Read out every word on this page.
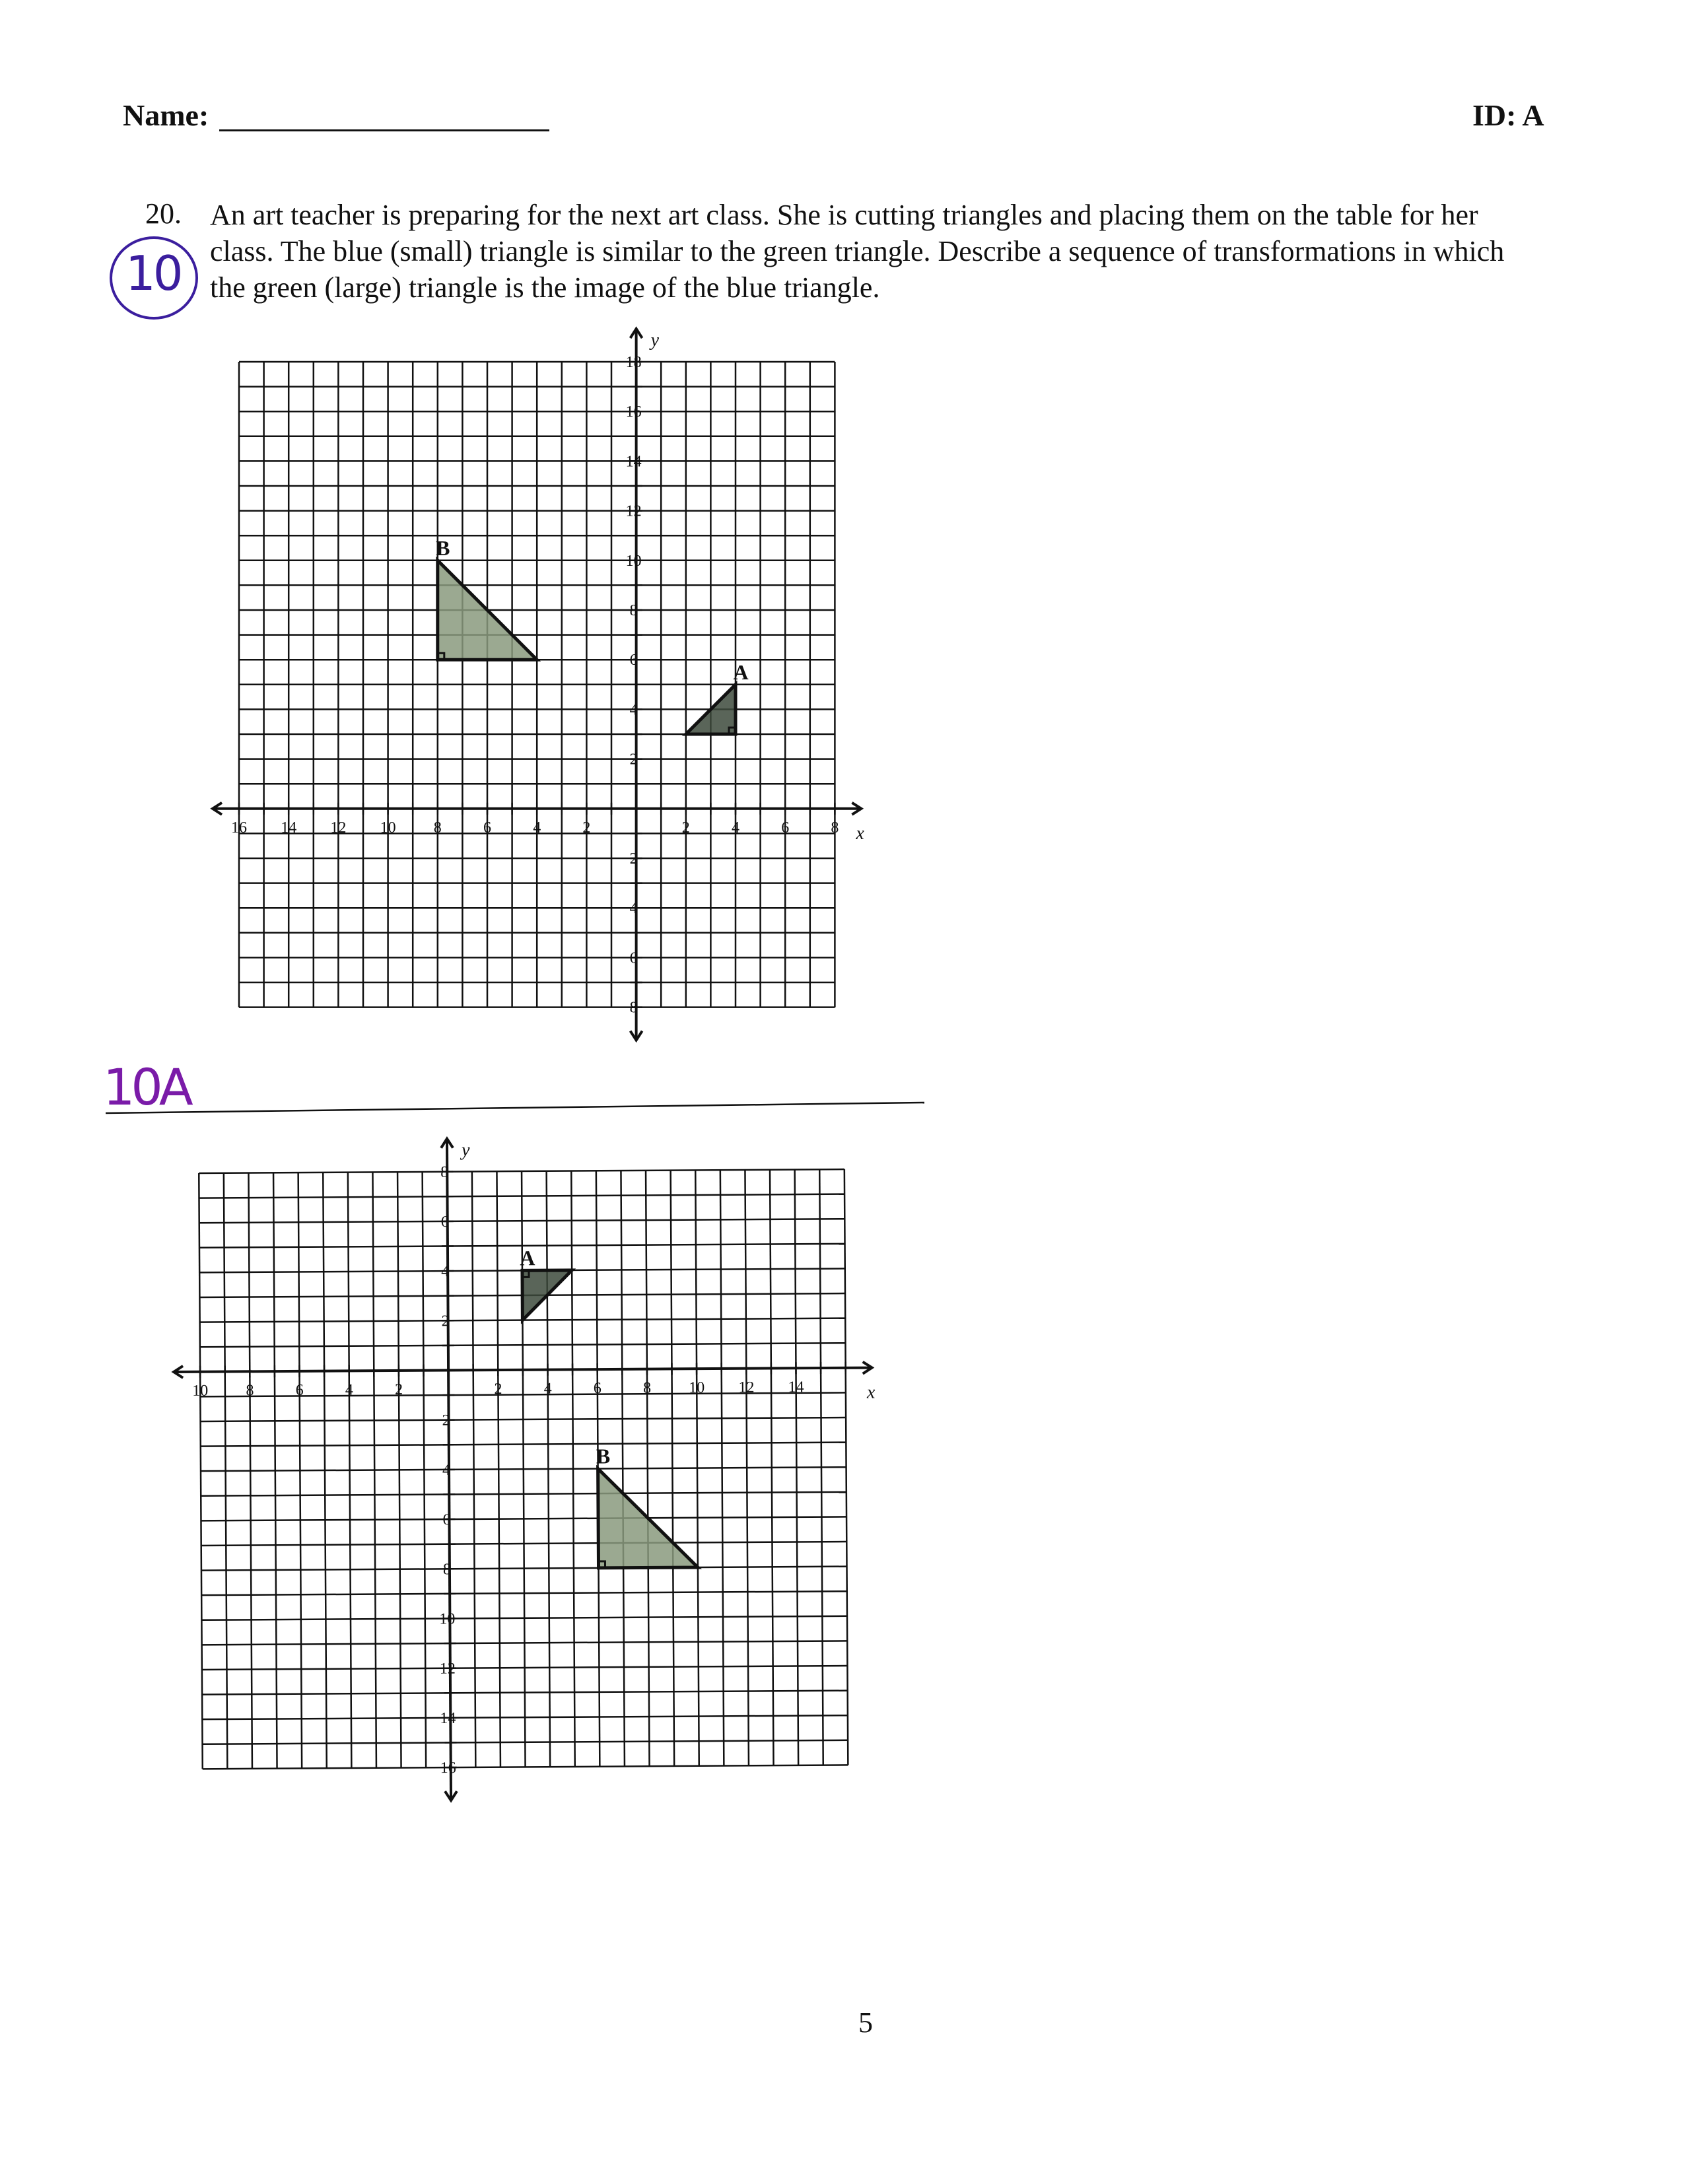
Name:	ID: A
20. An art teacher is preparing for the next art class. She is cutting triangles and placing them on the table for her
class. The blue (small) triangle is similar to the green triangle. Describe a sequence of transformations in which
the green (large) triangle is the image of the blue triangle.
10
16 14 12 10 8	6	4	2	2	4	6	8
18
16
14
12
10
8
6
4
2
2
4
6
8
x
y
B
A
10A
10 8	6	4	2	2	4	6	8 10 12 14
8
6
4
2
2
4
6
8
10
12
14
16
x
y
A
B
5
